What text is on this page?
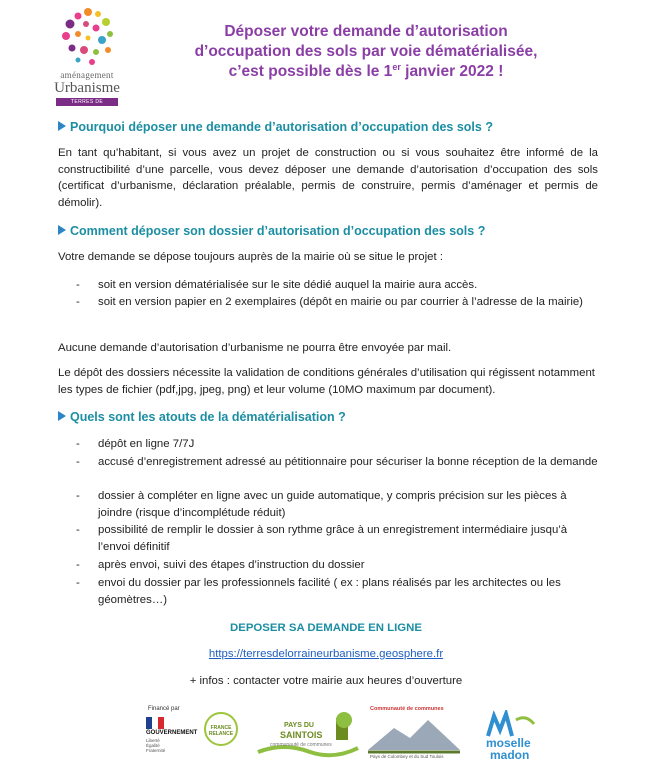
aménagement
Urbanisme
TERRES DE LORRAINE
Déposer votre demande d’autorisation
d’occupation des sols par voie dématérialisée,
c’est possible dès le 1er janvier 2022 !
Pourquoi déposer une demande d’autorisation d’occupation des sols ?
En tant qu’habitant, si vous avez un projet de construction ou si vous souhaitez être informé de la constructibilité d’une parcelle, vous devez déposer une demande d’autorisation d’occupation des sols (certificat d’urbanisme, déclaration préalable, permis de construire, permis d’aménager et permis de démolir).
Comment déposer son dossier d’autorisation d’occupation des sols ?
Votre demande se dépose toujours auprès de la mairie où se situe le projet :
- soit en version dématérialisée sur le site dédié auquel la mairie aura accès.
- soit en version papier en 2 exemplaires (dépôt en mairie ou par courrier à l’adresse de la mairie)
Aucune demande d’autorisation d’urbanisme ne pourra être envoyée par mail.
Le dépôt des dossiers nécessite la validation de conditions générales d’utilisation qui régissent notamment les types de fichier (pdf,jpg, jpeg, png) et leur volume (10MO maximum par document).
Quels sont les atouts de la dématérialisation ?
- dépôt en ligne 7/7J
- accusé d’enregistrement adressé au pétitionnaire pour sécuriser la bonne réception de la demande
- dossier à compléter en ligne avec un guide automatique, y compris précision sur les pièces à joindre (risque d’incomplétude réduit)
- possibilité de remplir le dossier à son rythme grâce à un enregistrement intermédiaire jusqu’à l’envoi définitif
- après envoi, suivi des étapes d’instruction du dossier
- envoi du dossier par les professionnels facilité ( ex : plans réalisés par les architectes ou les géomètres…)
DEPOSER SA DEMANDE EN LIGNE
https://terresdelorraineurbanisme.geosphere.fr
+ infos : contacter votre mairie aux heures d’ouverture
Financé par
GOUVERNEMENT
Liberté
Égalité
Fraternité
FRANCE RELANCE
PAYS DU
SAINTOIS
communauté de communes
Communauté de communes
Pays de Colombey et du Sud Toulois
moselle
madon
